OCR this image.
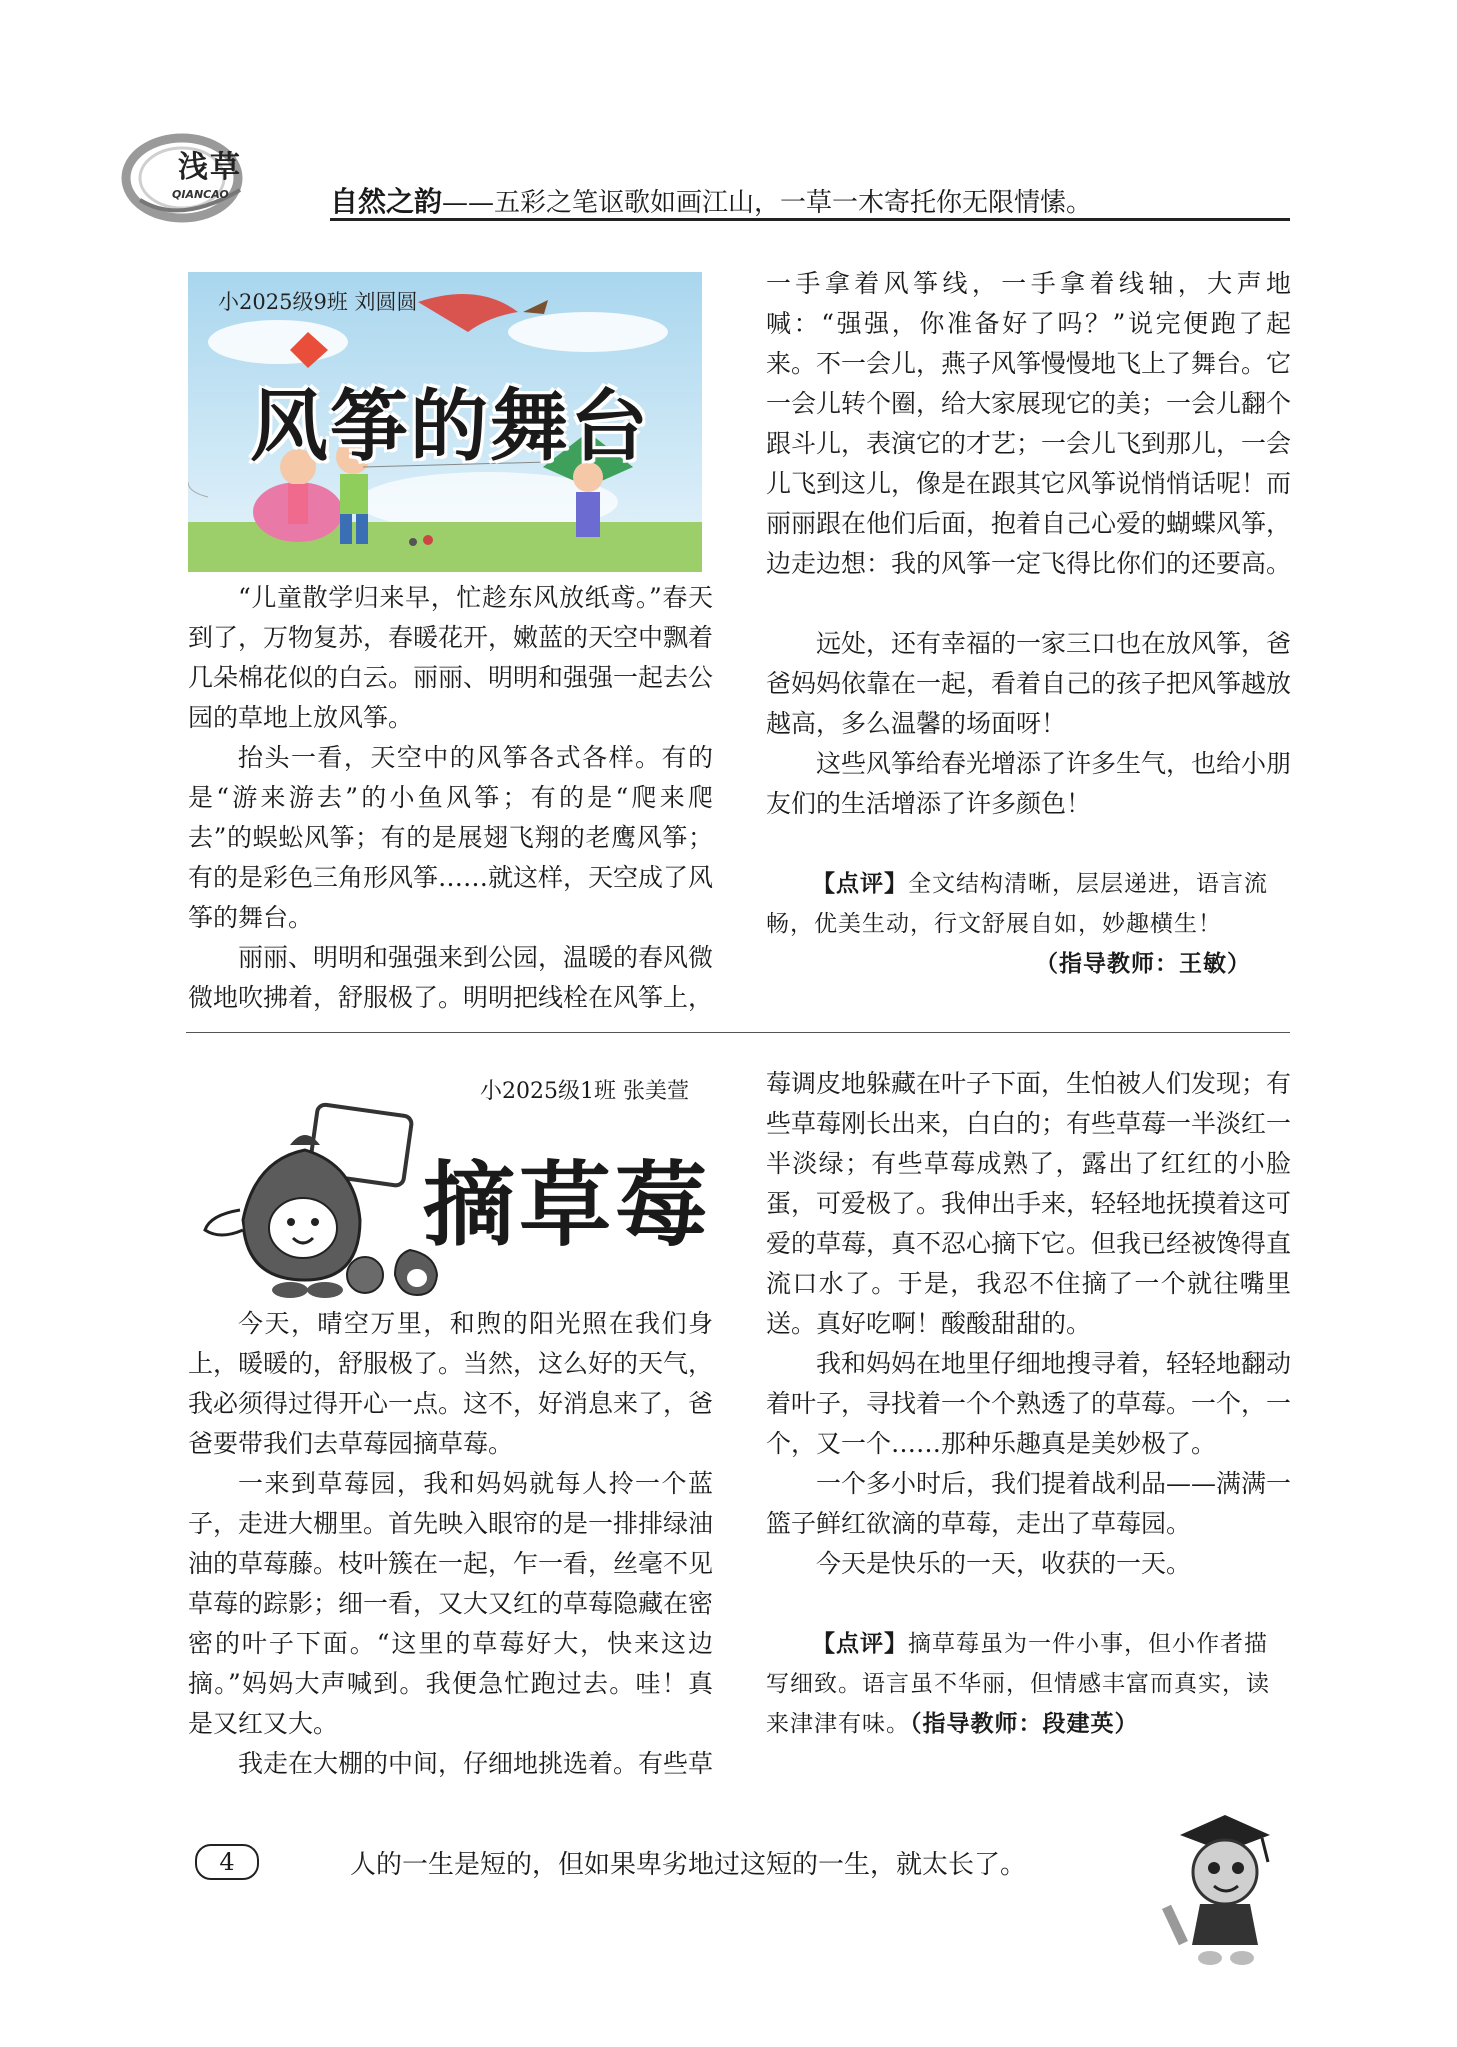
浅草
QIANCAO	自然之韵——五彩之笔讴歌如画江山，一草一木寄托你无限情愫。
小2025级9班 刘圆圆
风筝的舞台

“儿童散学归来早，忙趁东风放纸鸢。”春天到了，万物复苏，春暖花开，嫩蓝的天空中飘着几朵棉花似的白云。丽丽、明明和强强一起去公园的草地上放风筝。

抬头一看，天空中的风筝各式各样。有的是“游来游去”的小鱼风筝；有的是“爬来爬去”的蜈蚣风筝；有的是展翅飞翔的老鹰风筝；有的是彩色三角形风筝……就这样，天空成了风筝的舞台。

丽丽、明明和强强来到公园，温暖的春风微微地吹拂着，舒服极了。明明把线栓在风筝上，

一手拿着风筝线，一手拿着线轴，大声地喊：“强强，你准备好了吗？”说完便跑了起来。不一会儿，燕子风筝慢慢地飞上了舞台。它一会儿转个圈，给大家展现它的美；一会儿翻个跟斗儿，表演它的才艺；一会儿飞到那儿，一会儿飞到这儿，像是在跟其它风筝说悄悄话呢！而丽丽跟在他们后面，抱着自己心爱的蝴蝶风筝，边走边想：我的风筝一定飞得比你们的还要高。

远处，还有幸福的一家三口也在放风筝，爸爸妈妈依靠在一起，看着自己的孩子把风筝越放越高，多么温馨的场面呀！

这些风筝给春光增添了许多生气，也给小朋友们的生活增添了许多颜色！

【点评】全文结构清晰，层层递进，语言流畅，优美生动，行文舒展自如，妙趣横生！

（指导教师：王敏）

小2025级1班 张美萱
摘草莓

今天，晴空万里，和煦的阳光照在我们身上，暖暖的，舒服极了。当然，这么好的天气，我必须得过得开心一点。这不，好消息来了，爸爸要带我们去草莓园摘草莓。

一来到草莓园，我和妈妈就每人拎一个蓝子，走进大棚里。首先映入眼帘的是一排排绿油油的草莓藤。枝叶簇在一起，乍一看，丝毫不见草莓的踪影；细一看，又大又红的草莓隐藏在密密的叶子下面。“这里的草莓好大，快来这边摘。”妈妈大声喊到。我便急忙跑过去。哇！真是又红又大。

我走在大棚的中间，仔细地挑选着。有些草

莓调皮地躲藏在叶子下面，生怕被人们发现；有些草莓刚长出来，白白的；有些草莓一半淡红一半淡绿；有些草莓成熟了，露出了红红的小脸蛋，可爱极了。我伸出手来，轻轻地抚摸着这可爱的草莓，真不忍心摘下它。但我已经被馋得直流口水了。于是，我忍不住摘了一个就往嘴里送。真好吃啊！酸酸甜甜的。

我和妈妈在地里仔细地搜寻着，轻轻地翻动着叶子，寻找着一个个熟透了的草莓。一个，一个，又一个……那种乐趣真是美妙极了。

一个多小时后，我们提着战利品——满满一篮子鲜红欲滴的草莓，走出了草莓园。

今天是快乐的一天，收获的一天。

【点评】摘草莓虽为一件小事，但小作者描写细致。语言虽不华丽，但情感丰富而真实，读来津津有味。（指导教师：段建英）

4	人的一生是短的，但如果卑劣地过这短的一生，就太长了。
